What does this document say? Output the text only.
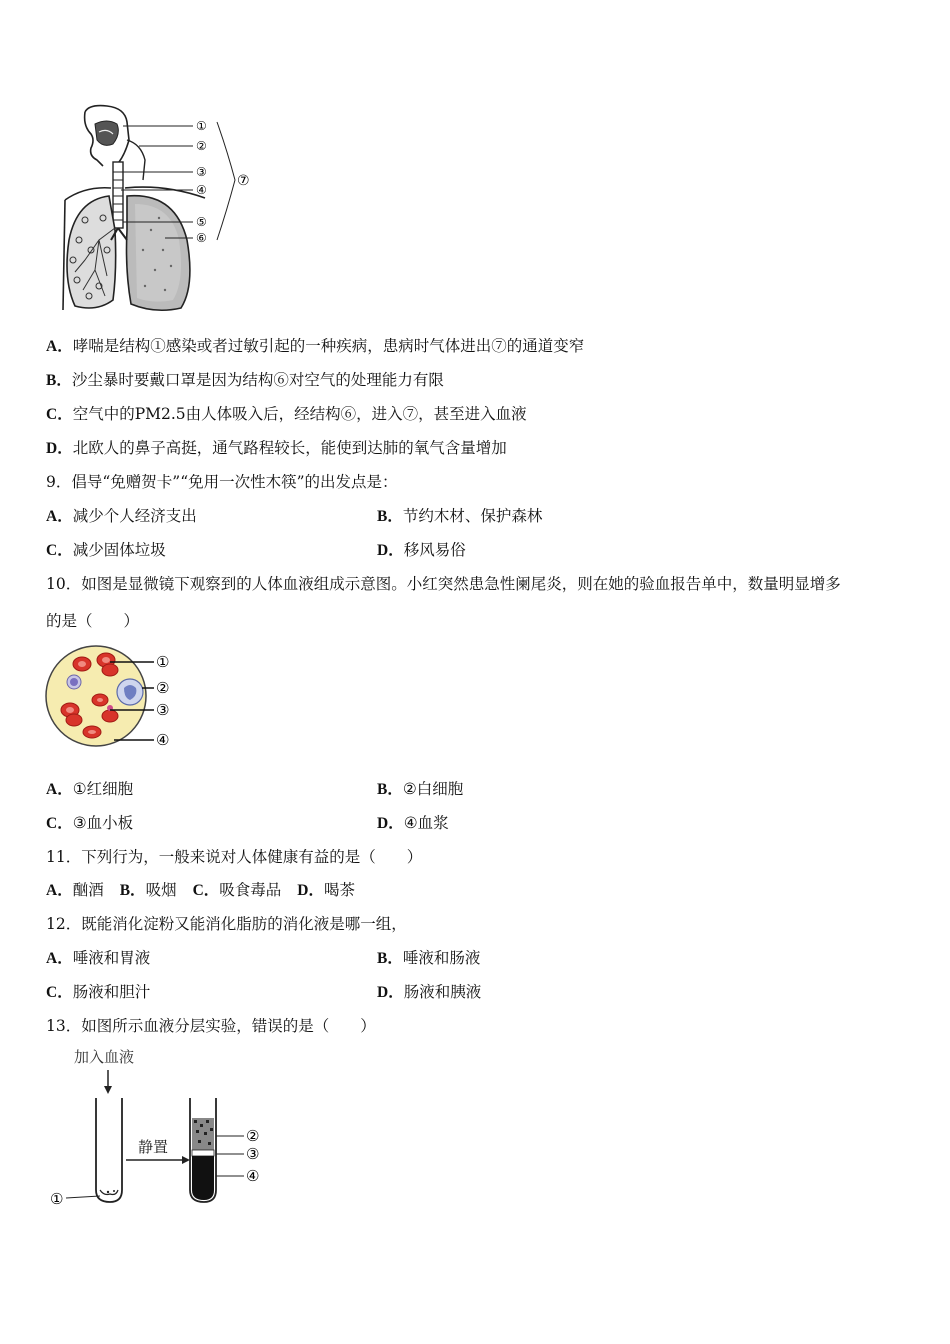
①
②
③
④
⑤
⑥
⑦
A．哮喘是结构①感染或者过敏引起的一种疾病，患病时气体进出⑦的通道变窄
B．沙尘暴时要戴口罩是因为结构⑥对空气的处理能力有限
C．空气中的PM2.5由人体吸入后，经结构⑥，进入⑦，甚至进入血液
D．北欧人的鼻子高挺，通气路程较长，能使到达肺的氧气含量增加
9．倡导“免赠贺卡”“免用一次性木筷”的出发点是：
A．减少个人经济支出	B．节约木材、保护森林
C．减少固体垃圾	D．移风易俗
10．如图是显微镜下观察到的人体血液组成示意图。小红突然患急性阑尾炎，则在她的验血报告单中，数量明显增多
的是（　　）
①
②
③
④
A．①红细胞	B．②白细胞
C．③血小板	D．④血浆
11．下列行为，一般来说对人体健康有益的是（　　）
A．酗酒 B．吸烟 C．吸食毒品 D．喝茶
12．既能消化淀粉又能消化脂肪的消化液是哪一组，
A．唾液和胃液	B．唾液和肠液
C．肠液和胆汁	D．肠液和胰液
13．如图所示血液分层实验，错误的是（　　）
加入血液
①
静置
②
③
④
